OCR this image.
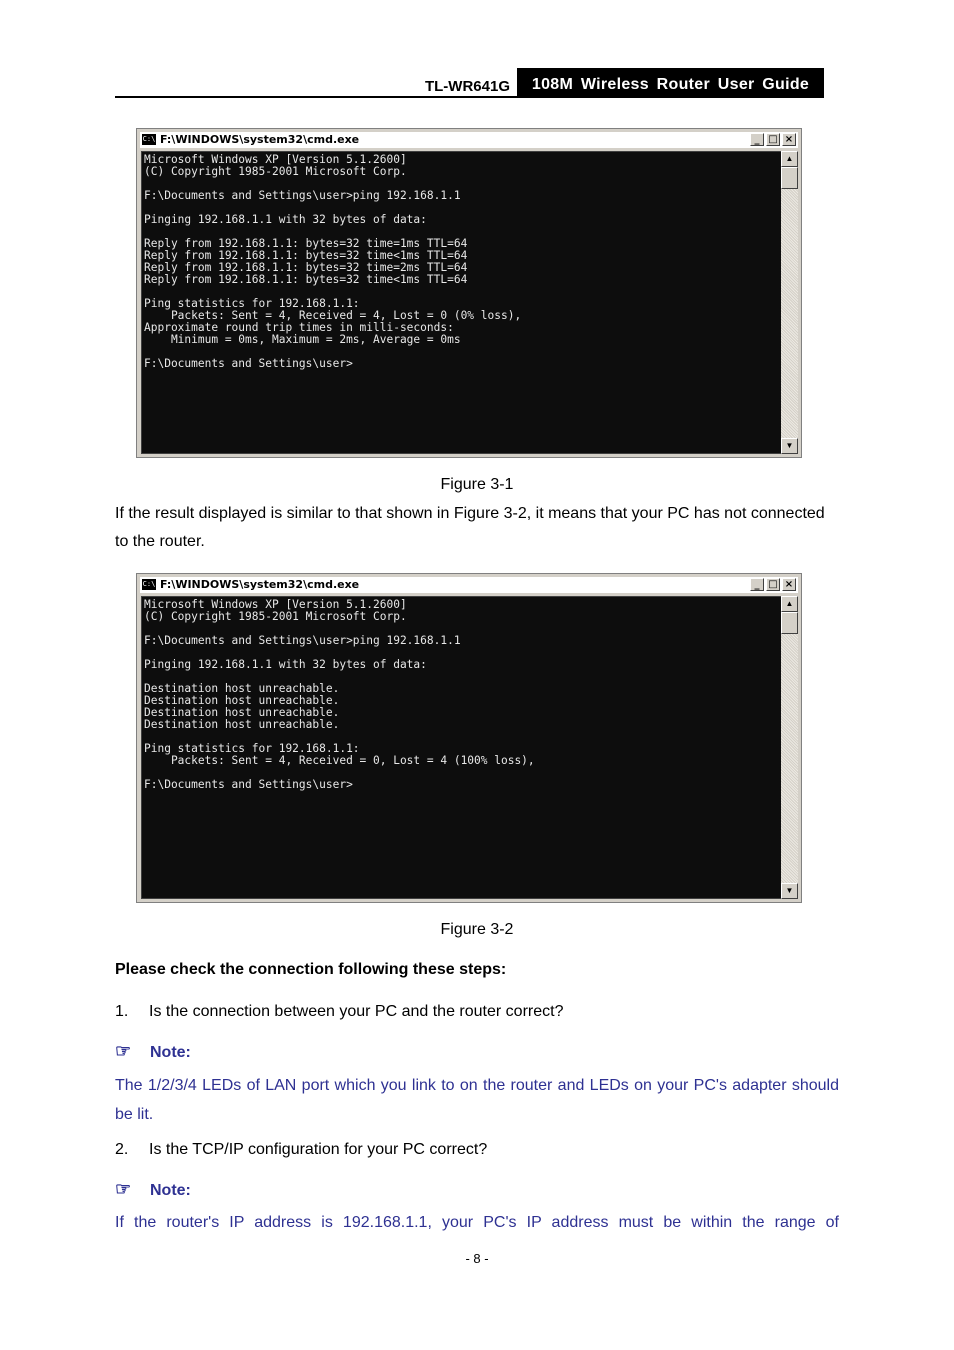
TL-WR641G	108M Wireless Router User Guide
C:\ F:\WINDOWS\system32\cmd.exe	_ □ ×
Microsoft Windows XP [Version 5.1.2600]
(C) Copyright 1985-2001 Microsoft Corp.

F:\Documents and Settings\user>ping 192.168.1.1

Pinging 192.168.1.1 with 32 bytes of data:

Reply from 192.168.1.1: bytes=32 time=1ms TTL=64
Reply from 192.168.1.1: bytes=32 time<1ms TTL=64
Reply from 192.168.1.1: bytes=32 time=2ms TTL=64
Reply from 192.168.1.1: bytes=32 time<1ms TTL=64

Ping statistics for 192.168.1.1:
Packets: Sent = 4, Received = 4, Lost = 0 (0% loss),
Approximate round trip times in milli-seconds:
Minimum = 0ms, Maximum = 2ms, Average = 0ms

F:\Documents and Settings\user>
▲
▼
Figure 3-1
If the result displayed is similar to that shown in Figure 3-2, it means that your PC has not connected to the router.
C:\ F:\WINDOWS\system32\cmd.exe	_ □ ×
Microsoft Windows XP [Version 5.1.2600]
(C) Copyright 1985-2001 Microsoft Corp.

F:\Documents and Settings\user>ping 192.168.1.1

Pinging 192.168.1.1 with 32 bytes of data:

Destination host unreachable.
Destination host unreachable.
Destination host unreachable.
Destination host unreachable.

Ping statistics for 192.168.1.1:
Packets: Sent = 4, Received = 0, Lost = 4 (100% loss),

F:\Documents and Settings\user>
▲
▼
Figure 3-2
Please check the connection following these steps:
1. Is the connection between your PC and the router correct?
☞ Note:
The 1/2/3/4 LEDs of LAN port which you link to on the router and LEDs on your PC's adapter should be lit.
2. Is the TCP/IP configuration for your PC correct?
☞ Note:
If the router's IP address is 192.168.1.1, your PC's IP address must be within the range of
- 8 -
